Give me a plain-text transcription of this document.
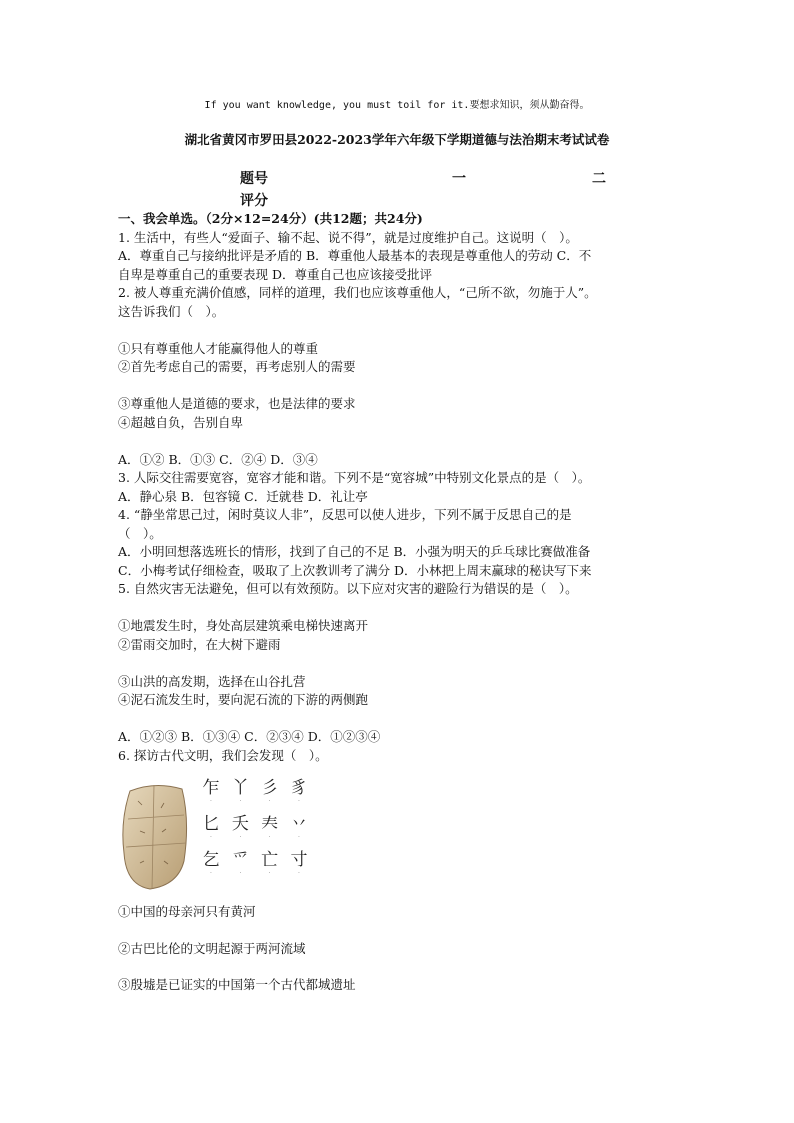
If you want knowledge, you must toil for it.要想求知识，须从勤奋得。
湖北省黄冈市罗田县2022-2023学年六年级下学期道德与法治期末考试试卷
题号	一	二
评分
一、我会单选。（2分×12=24分）(共12题；共24分)
1. 生活中，有些人“爱面子、输不起、说不得”，就是过度维护自己。这说明（　）。
A．尊重自己与接纳批评是矛盾的 B．尊重他人最基本的表现是尊重他人的劳动 C．不
自卑是尊重自己的重要表现 D．尊重自己也应该接受批评
2. 被人尊重充满价值感，同样的道理，我们也应该尊重他人，“己所不欲，勿施于人”。
这告诉我们（　）。
①只有尊重他人才能赢得他人的尊重
②首先考虑自己的需要，再考虑别人的需要
③尊重他人是道德的要求，也是法律的要求
④超越自负，告别自卑
A．①② B．①③ C．②④ D．③④
3. 人际交往需要宽容，宽容才能和谐。下列不是“宽容城”中特别文化景点的是（　）。
A．静心泉 B．包容镜 C．迁就巷 D．礼让亭
4. “静坐常思己过，闲时莫议人非”，反思可以使人进步，下列不属于反思自己的是
（　）。
A．小明回想落选班长的情形，找到了自己的不足 B．小强为明天的乒乓球比赛做准备
C．小梅考试仔细检查，吸取了上次教训考了满分 D．小林把上周末赢球的秘诀写下来
5. 自然灾害无法避免，但可以有效预防。以下应对灾害的避险行为错误的是（　）。
①地震发生时，身处高层建筑乘电梯快速离开
②雷雨交加时，在大树下避雨
③山洪的高发期，选择在山谷扎营
④泥石流发生时，要向泥石流的下游的两侧跑
A．①②③ B．①③④ C．②③④ D．①②③④
6. 探访古代文明，我们会发现（　）。
乍
·
丫
·
彡
·
豸
·
匕
·
夭
·
𡗗
·
丷
·
乞
·
爫
·
亡
·
寸
·
①中国的母亲河只有黄河
②古巴比伦的文明起源于两河流域
③殷墟是已证实的中国第一个古代都城遗址
